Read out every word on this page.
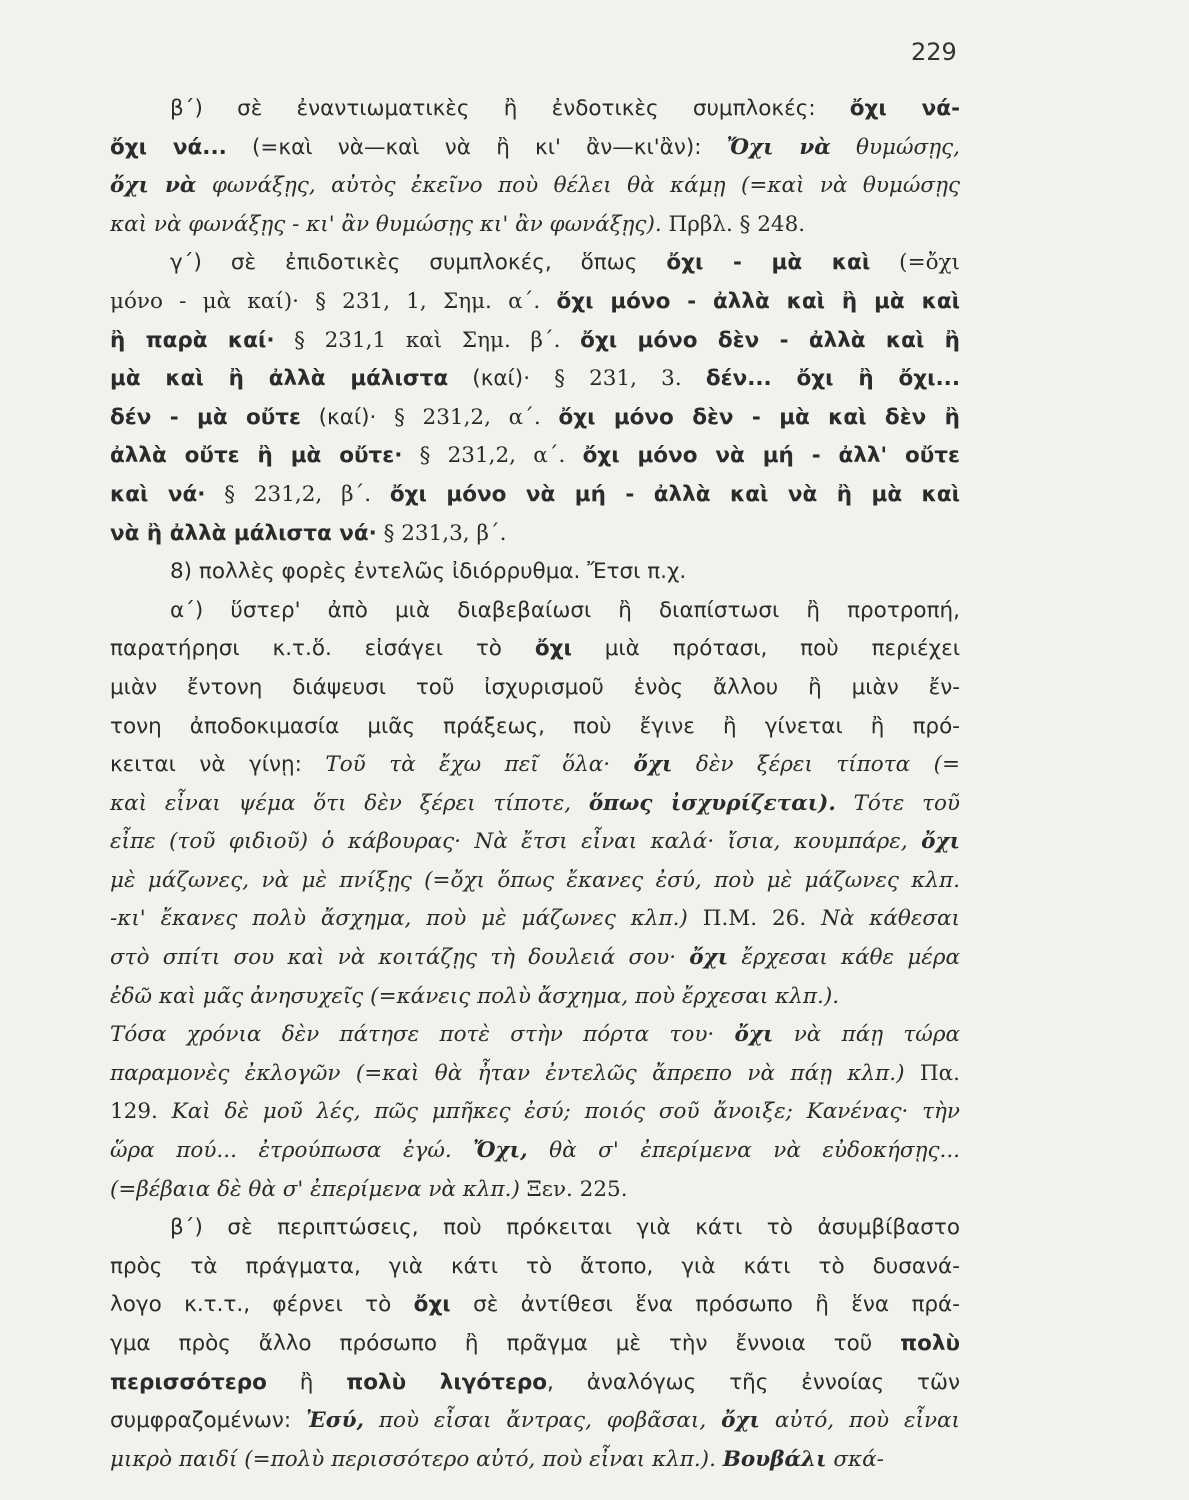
229
β΄) σὲ ἐναντιωματικὲς ἢ ἐνδοτικὲς συμπλοκές: ὄχι νά-
ὄχι νά... (=καὶ νὰ—καὶ νὰ ἢ κι' ἂν—κι'ἂν): Ὄχι νὰ θυμώσῃς,
ὄχι νὰ φωνάξῃς, αὐτὸς ἐκεῖνο ποὺ θέλει θὰ κάμῃ (=καὶ νὰ θυμώσῃς
καὶ νὰ φωνάξῃς - κι' ἂν θυμώσῃς κι' ἂν φωνάξῃς). Πρβλ. § 248.
γ΄) σὲ ἐπιδοτικὲς συμπλοκές, ὅπως ὄχι - μὰ καὶ (=ὄχι
μόνο - μὰ καί)· § 231, 1, Σημ. α΄. ὄχι μόνο - ἀλλὰ καὶ ἢ μὰ καὶ
ἢ παρὰ καί· § 231,1 καὶ Σημ. β΄. ὄχι μόνο δὲν - ἀλλὰ καὶ ἢ
μὰ καὶ ἢ ἀλλὰ μάλιστα (καί)· § 231, 3. δέν... ὄχι ἢ ὄχι...
δέν - μὰ οὔτε (καί)· § 231,2, α΄. ὄχι μόνο δὲν - μὰ καὶ δὲν ἢ
ἀλλὰ οὔτε ἢ μὰ οὔτε· § 231,2, α΄. ὄχι μόνο νὰ μή - ἀλλ' οὔτε
καὶ νά· § 231,2, β΄. ὄχι μόνο νὰ μή - ἀλλὰ καὶ νὰ ἢ μὰ καὶ
νὰ ἢ ἀλλὰ μάλιστα νά· § 231,3, β΄.
8) πολλὲς φορὲς ἐντελῶς ἰδιόρρυθμα. Ἔτσι π.χ.
α΄) ὕστερ' ἀπὸ μιὰ διαβεβαίωσι ἢ διαπίστωσι ἢ προτροπή,
παρατήρησι κ.τ.ὅ. εἰσάγει τὸ ὄχι μιὰ πρότασι, ποὺ περιέχει
μιὰν ἔντονη διάψευσι τοῦ ἰσχυρισμοῦ ἑνὸς ἄλλου ἢ μιὰν ἔν-
τονη ἀποδοκιμασία μιᾶς πράξεως, ποὺ ἔγινε ἢ γίνεται ἢ πρό-
κειται νὰ γίνῃ: Τοῦ τὰ ἔχω πεῖ ὅλα· ὄχι δὲν ξέρει τίποτα (=
καὶ εἶναι ψέμα ὅτι δὲν ξέρει τίποτε, ὅπως ἰσχυρίζεται). Τότε τοῦ
εἶπε (τοῦ φιδιοῦ) ὁ κάβουρας· Νὰ ἔτσι εἶναι καλά· ἴσια, κουμπάρε, ὄχι
μὲ μάζωνες, νὰ μὲ πνίξῃς (=ὄχι ὅπως ἔκανες ἐσύ, ποὺ μὲ μάζωνες κλπ.
-κι' ἔκανες πολὺ ἄσχημα, ποὺ μὲ μάζωνες κλπ.) Π.Μ. 26. Νὰ κάθεσαι
στὸ σπίτι σου καὶ νὰ κοιτάζῃς τὴ δουλειά σου· ὄχι ἔρχεσαι κάθε μέρα
ἐδῶ καὶ μᾶς ἀνησυχεῖς (=κάνεις πολὺ ἄσχημα, ποὺ ἔρχεσαι κλπ.).
Τόσα χρόνια δὲν πάτησε ποτὲ στὴν πόρτα του· ὄχι νὰ πάῃ τώρα
παραμονὲς ἐκλογῶν (=καὶ θὰ ἦταν ἐντελῶς ἄπρεπο νὰ πάῃ κλπ.) Πα.
129. Καὶ δὲ μοῦ λές, πῶς μπῆκες ἐσύ; ποιός σοῦ ἄνοιξε; Κανένας· τὴν
ὥρα πού... ἐτρούπωσα ἐγώ. Ὄχι, θὰ σ' ἐπερίμενα νὰ εὐδοκήσῃς...
(=βέβαια δὲ θὰ σ' ἐπερίμενα νὰ κλπ.) Ξεν. 225.
β΄) σὲ περιπτώσεις, ποὺ πρόκειται γιὰ κάτι τὸ ἀσυμβίβαστο
πρὸς τὰ πράγματα, γιὰ κάτι τὸ ἄτοπο, γιὰ κάτι τὸ δυσανά-
λογο κ.τ.τ., φέρνει τὸ ὄχι σὲ ἀντίθεσι ἕνα πρόσωπο ἢ ἕνα πρά-
γμα πρὸς ἄλλο πρόσωπο ἢ πρᾶγμα μὲ τὴν ἔννοια τοῦ πολὺ
περισσότερο ἢ πολὺ λιγότερο, ἀναλόγως τῆς ἐννοίας τῶν
συμφραζομένων: Ἐσύ, ποὺ εἶσαι ἄντρας, φοβᾶσαι, ὄχι αὐτό, ποὺ εἶναι
μικρὸ παιδί (=πολὺ περισσότερο αὐτό, ποὺ εἶναι κλπ.). Βουβάλι σκά-
